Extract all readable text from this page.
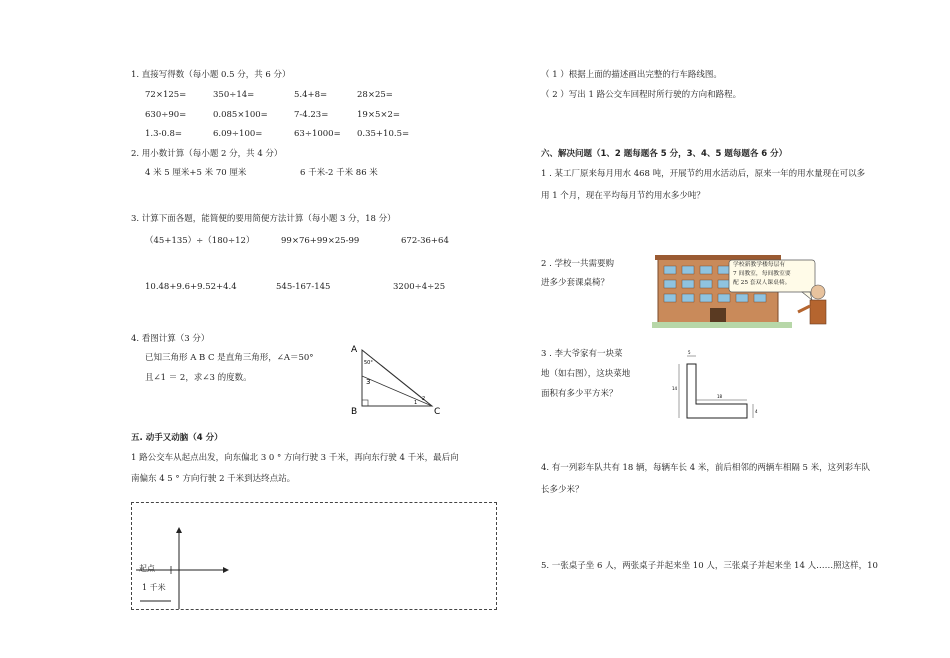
1. 直接写得数（每小题 0.5 分，共 6 分）
72×125=	350÷14=	5.4+8=	28×25=
630÷90=	0.085×100=	7-4.23=	19×5×2=
1.3-0.8=	6.09÷100=	63÷1000= 0.35+10.5=
2. 用小数计算（每小题 2 分，共 4 分）
4 米 5 厘米+5 米 70 厘米	6 千米-2 千米 86 米
3. 计算下面各题，能简便的要用简便方法计算（每小题 3 分，18 分）
（45+135）÷（180÷12）	99×76+99×25-99	672-36+64
10.48+9.6+9.52+4.4	545-167-145	3200÷4÷25
4. 看图计算（3 分）
已知三角形 A B C 是直角三角形，∠A＝50°
且∠1 ＝ 2，求∠3 的度数。
A
B	C
50°
1
2
3
五. 动手又动脑（4 分）
1 路公交车从起点出发，向东偏北 3 0 ° 方向行驶 3 千米，再向东行驶 4 千米，最后向
南偏东 4 5 ° 方向行驶 2 千米到达终点站。
起点
1 千米
（ 1 ）根据上面的描述画出完整的行车路线图。
（ 2 ）写出 1 路公交车回程时所行驶的方向和路程。
六、解决问题（1、2 题每题各 5 分，3、4、5 题每题各 6 分）
1 . 某工厂原来每月用水 468 吨，开展节约用水活动后，原来一年的用水量现在可以多
用 1 个月，现在平均每月节约用水多少吨？
2 . 学校一共需要购
进多少套课桌椅？
学校新教学楼每层有
7 间教室，每间教室要
配 25 套双人课桌椅。
3 . 李大爷家有一块菜
地（如右图），这块菜地
面积有多少平方米？
5
14
18
4
4. 有一列彩车队共有 18 辆，每辆车长 4 米，前后相邻的两辆车相隔 5 米，这列彩车队
长多少米？
5. 一张桌子坐 6 人，两张桌子并起来坐 10 人，三张桌子并起来坐 14 人……照这样，10
